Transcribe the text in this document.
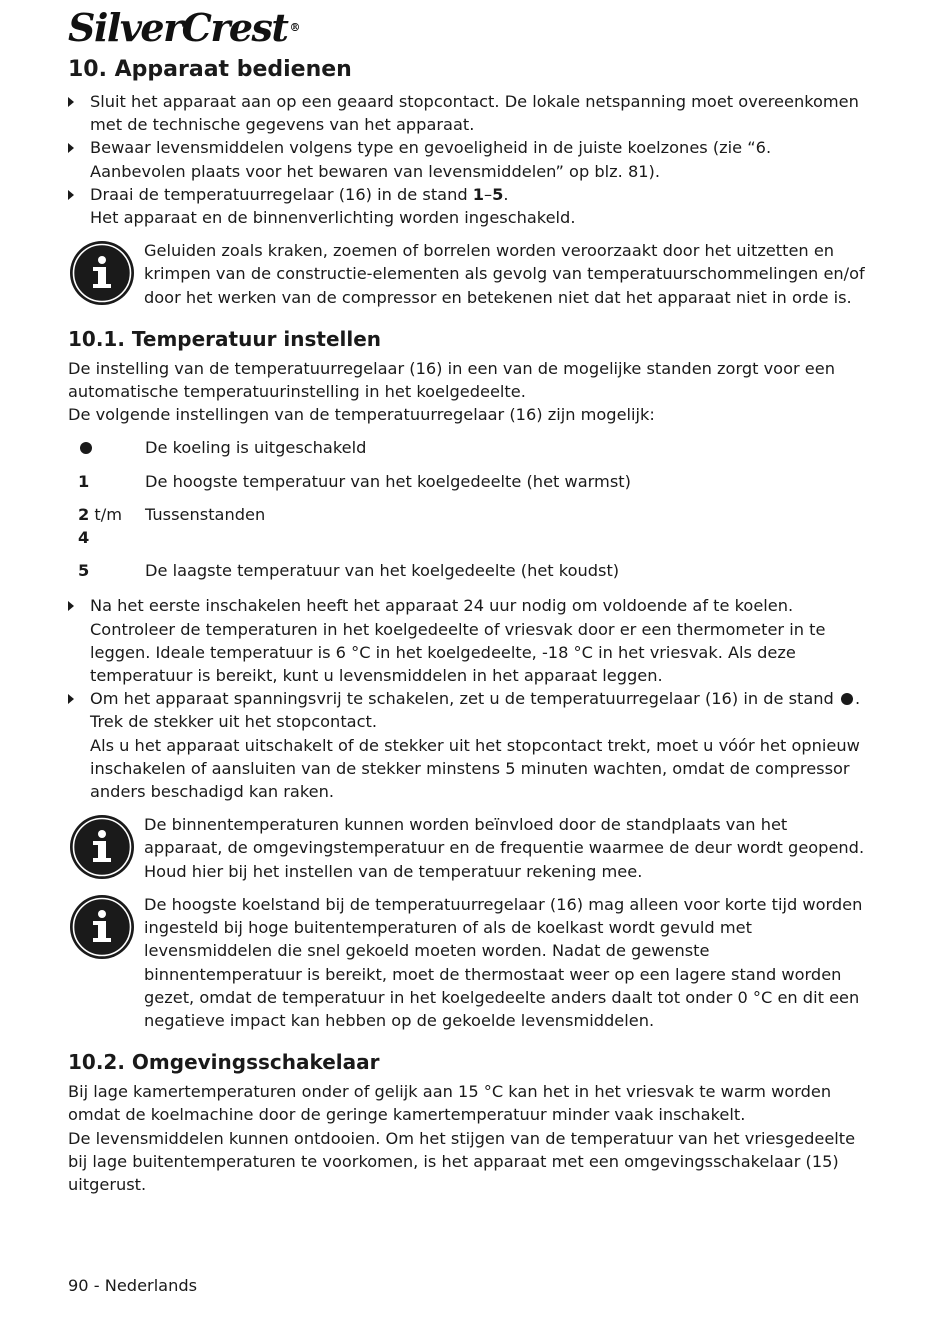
SilverCrest ®
10. Apparaat bedienen

Sluit het apparaat aan op een geaard stopcontact. De lokale netspanning moet overeenkomen met de technische gegevens van het apparaat.

Bewaar levensmiddelen volgens type en gevoeligheid in de juiste koelzones (zie “6. Aanbevolen plaats voor het bewaren van levensmiddelen” op blz. 81).

Draai de temperatuurregelaar (16) in de stand 1–5.
Het apparaat en de binnenverlichting worden ingeschakeld.

Geluiden zoals kraken, zoemen of borrelen worden veroorzaakt door het uitzetten en krimpen van de constructie-elementen als gevolg van temperatuurschommelingen en/of door het werken van de compressor en betekenen niet dat het apparaat niet in orde is.
10.1. Temperatuur instellen

De instelling van de temperatuurregelaar (16) in een van de mogelijke standen zorgt voor een automatische temperatuurinstelling in het koelgedeelte.

De volgende instellingen van de temperatuurregelaar (16) zijn mogelijk:

De koeling is uitgeschakeld
1	De hoogste temperatuur van het koelgedeelte (het warmst)
2 t/m
4
Tussenstanden
5	De laagste temperatuur van het koelgedeelte (het koudst)

Na het eerste inschakelen heeft het apparaat 24 uur nodig om voldoende af te koelen. Controleer de temperaturen in het koelgedeelte of vriesvak door er een thermometer in te leggen. Ideale temperatuur is 6 °C in het koelgedeelte, -18 °C in het vriesvak. Als deze temperatuur is bereikt, kunt u levensmiddelen in het apparaat leggen.

Om het apparaat spanningsvrij te schakelen, zet u de temperatuurregelaar (16) in de stand . Trek de stekker uit het stopcontact.
Als u het apparaat uitschakelt of de stekker uit het stopcontact trekt, moet u vóór het opnieuw inschakelen of aansluiten van de stekker minstens 5 minuten wachten, omdat de compressor anders beschadigd kan raken.

De binnentemperaturen kunnen worden beïnvloed door de standplaats van het apparaat, de omgevingstemperatuur en de frequentie waarmee de deur wordt geopend. Houd hier bij het instellen van de temperatuur rekening mee.
De hoogste koelstand bij de temperatuurregelaar (16) mag alleen voor korte tijd worden ingesteld bij hoge buitentemperaturen of als de koelkast wordt gevuld met levensmiddelen die snel gekoeld moeten worden. Nadat de gewenste binnentemperatuur is bereikt, moet de thermostaat weer op een lagere stand worden gezet, omdat de temperatuur in het koelgedeelte anders daalt tot onder 0 °C en dit een negatieve impact kan hebben op de gekoelde levensmiddelen.
10.2. Omgevingsschakelaar

Bij lage kamertemperaturen onder of gelijk aan 15 °C kan het in het vriesvak te warm worden omdat de koelmachine door de geringe kamertemperatuur minder vaak inschakelt.

De levensmiddelen kunnen ontdooien. Om het stijgen van de temperatuur van het vriesgedeelte bij lage buitentemperaturen te voorkomen, is het apparaat met een omgevingsschakelaar (15) uitgerust.

90 - Nederlands
